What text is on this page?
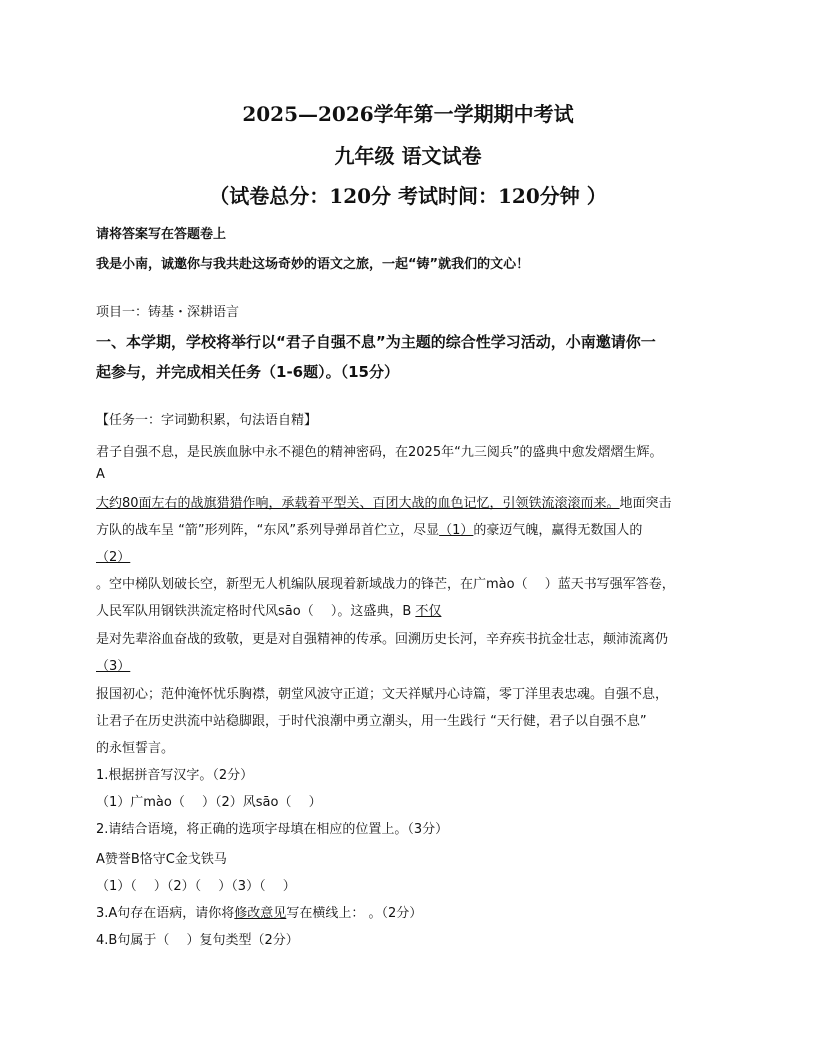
2025—2026学年第一学期期中考试
九年级 语文试卷
（试卷总分：120分 考试时间：120分钟 ）
请将答案写在答题卷上
我是小南，诚邀你与我共赴这场奇妙的语文之旅，一起“铸”就我们的文心！
项目一：铸基・深耕语言
一、本学期，学校将举行以“君子自强不息”为主题的综合性学习活动，小南邀请你一
起参与，并完成相关任务（1-6题）。（15分）
【任务一：字词勤积累，句法语自精】
君子自强不息，是民族血脉中永不褪色的精神密码，在2025年“九三阅兵”的盛典中愈发熠熠生辉。
A
大约80面左右的战旗猎猎作响，承载着平型关、百团大战的血色记忆，引领铁流滚滚而来。地面突击
方队的战车呈 “箭”形列阵，“东风”系列导弹昂首伫立，尽显（1）的豪迈气魄，赢得无数国人的
（2）
。空中梯队划破长空，新型无人机编队展现着新域战力的锋芒，在广mào（　 ）蓝天书写强军答卷，
人民军队用钢铁洪流定格时代风sāo（　 ）。这盛典，B 不仅
是对先辈浴血奋战的致敬，更是对自强精神的传承。回溯历史长河，辛弃疾书抗金壮志，颠沛流离仍
（3）
报国初心；范仲淹怀忧乐胸襟，朝堂风波守正道；文天祥赋丹心诗篇，零丁洋里表忠魂。自强不息，
让君子在历史洪流中站稳脚跟，于时代浪潮中勇立潮头，用一生践行 “天行健，君子以自强不息”
的永恒誓言。
1.根据拼音写汉字。（2分）
（1）广mào（　 ）（2）风sāo（　 ）
2.请结合语境，将正确的选项字母填在相应的位置上。（3分）
A赞誉B恪守C金戈铁马
（1）（　 ）（2）（　 ）（3）（　 ）
3.A句存在语病，请你将修改意见写在横线上： 。（2分）
4.B句属于（　 ）复句类型（2分）
